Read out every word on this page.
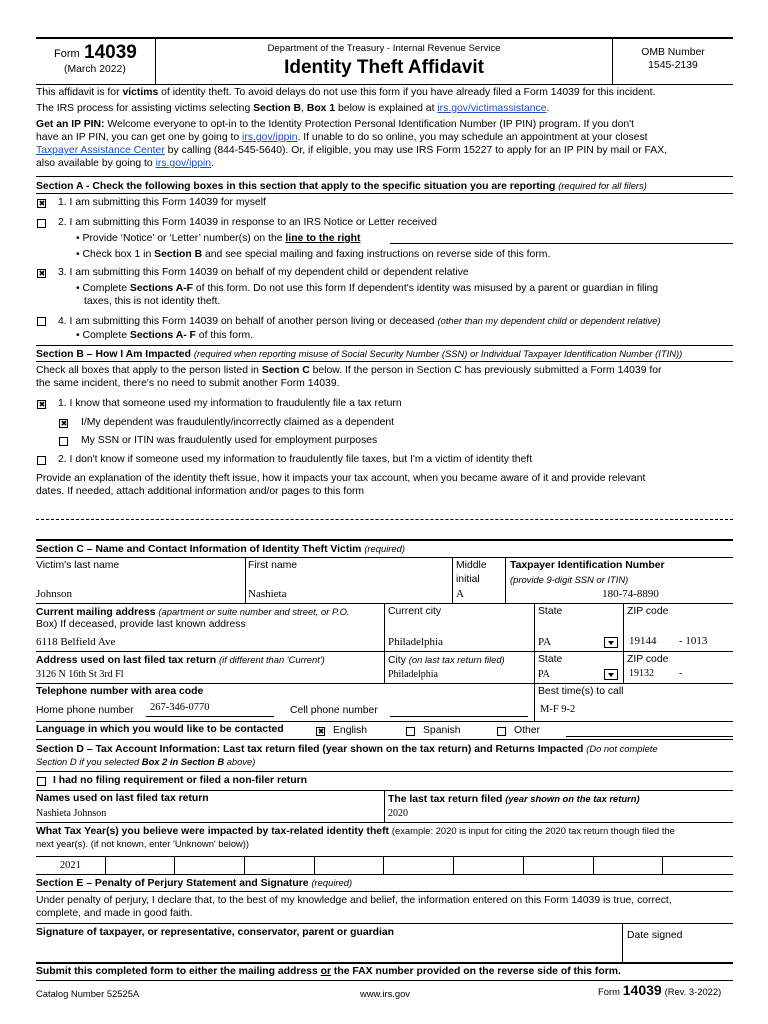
Form 14039
(March 2022)
Department of the Treasury - Internal Revenue Service
Identity Theft Affidavit
OMB Number
1545-2139
This affidavit is for victims of identity theft. To avoid delays do not use this form if you have already filed a Form 14039 for this incident.
The IRS process for assisting victims selecting Section B, Box 1 below is explained at irs.gov/victimassistance.
Get an IP PIN: Welcome everyone to opt-in to the Identity Protection Personal Identification Number (IP PIN) program. If you don't
have an IP PIN, you can get one by going to irs.gov/ippin. If unable to do so online, you may schedule an appointment at your closest
Taxpayer Assistance Center by calling (844-545-5640). Or, if eligible, you may use IRS Form 15227 to apply for an IP PIN by mail or FAX,
also available by going to irs.gov/ippin.
Section A - Check the following boxes in this section that apply to the specific situation you are reporting (required for all filers)
✖
1. I am submitting this Form 14039 for myself
2. I am submitting this Form 14039 in response to an IRS Notice or Letter received
• Provide ‘Notice’ or ‘Letter’ number(s) on the line to the right
• Check box 1 in Section B and see special mailing and faxing instructions on reverse side of this form.
✖
3. I am submitting this Form 14039 on behalf of my dependent child or dependent relative
• Complete Sections A-F of this form. Do not use this form If dependent's identity was misused by a parent or guardian in filing
taxes, this is not identity theft.
4. I am submitting this Form 14039 on behalf of another person living or deceased (other than my dependent child or dependent relative)
• Complete Sections A- F of this form.
Section B – How I Am Impacted (required when reporting misuse of Social Security Number (SSN) or Individual Taxpayer Identification Number (ITIN))
Check all boxes that apply to the person listed in Section C below. If the person in Section C has previously submitted a Form 14039 for
the same incident, there's no need to submit another Form 14039.
✖
1. I know that someone used my information to fraudulently file a tax return
✖
I/My dependent was fraudulently/incorrectly claimed as a dependent
My SSN or ITIN was fraudulently used for employment purposes
2. I don't know if someone used my information to fraudulently file taxes, but I'm a victim of identity theft
Provide an explanation of the identity theft issue, how it impacts your tax account, when you became aware of it and provide relevant
dates. If needed, attach additional information and/or pages to this form
Section C – Name and Contact Information of Identity Theft Victim (required)
Victim's last name	First name	Middle
initial
Taxpayer Identification Number
(provide 9-digit SSN or ITIN)
Johnson	Nashieta	A	180-74-8890
Current mailing address (apartment or suite number and street, or P.O.
Box) If deceased, provide last known address
Current city	State	ZIP code
6118 Belfield Ave	Philadelphia	PA	19144 - 1013
Address used on last filed tax return (if different than 'Current')	City (on last tax return filed)	State	ZIP code
3126 N 16th St 3rd Fl	Philadelphia	PA	19132	-
Telephone number with area code	Best time(s) to call
Home phone number 267-346-0770	Cell phone number	M-F 9-2
Language in which you would like to be contacted
✖	English	Spanish	Other
Section D – Tax Account Information: Last tax return filed (year shown on the tax return) and Returns Impacted (Do not complete
Section D if you selected Box 2 in Section B above)
I had no filing requirement or filed a non-filer return
Names used on last filed tax return	The last tax return filed (year shown on the tax return)
Nashieta Johnson	2020
What Tax Year(s) you believe were impacted by tax-related identity theft (example: 2020 is input for citing the 2020 tax return though filed the
next year(s). (if not known, enter 'Unknown' below))
2021
Section E – Penalty of Perjury Statement and Signature (required)
Under penalty of perjury, I declare that, to the best of my knowledge and belief, the information entered on this Form 14039 is true, correct,
complete, and made in good faith.
Signature of taxpayer, or representative, conservator, parent or guardian	Date signed
Submit this completed form to either the mailing address or the FAX number provided on the reverse side of this form.
Catalog Number 52525A	www.irs.gov	Form 14039 (Rev. 3-2022)
